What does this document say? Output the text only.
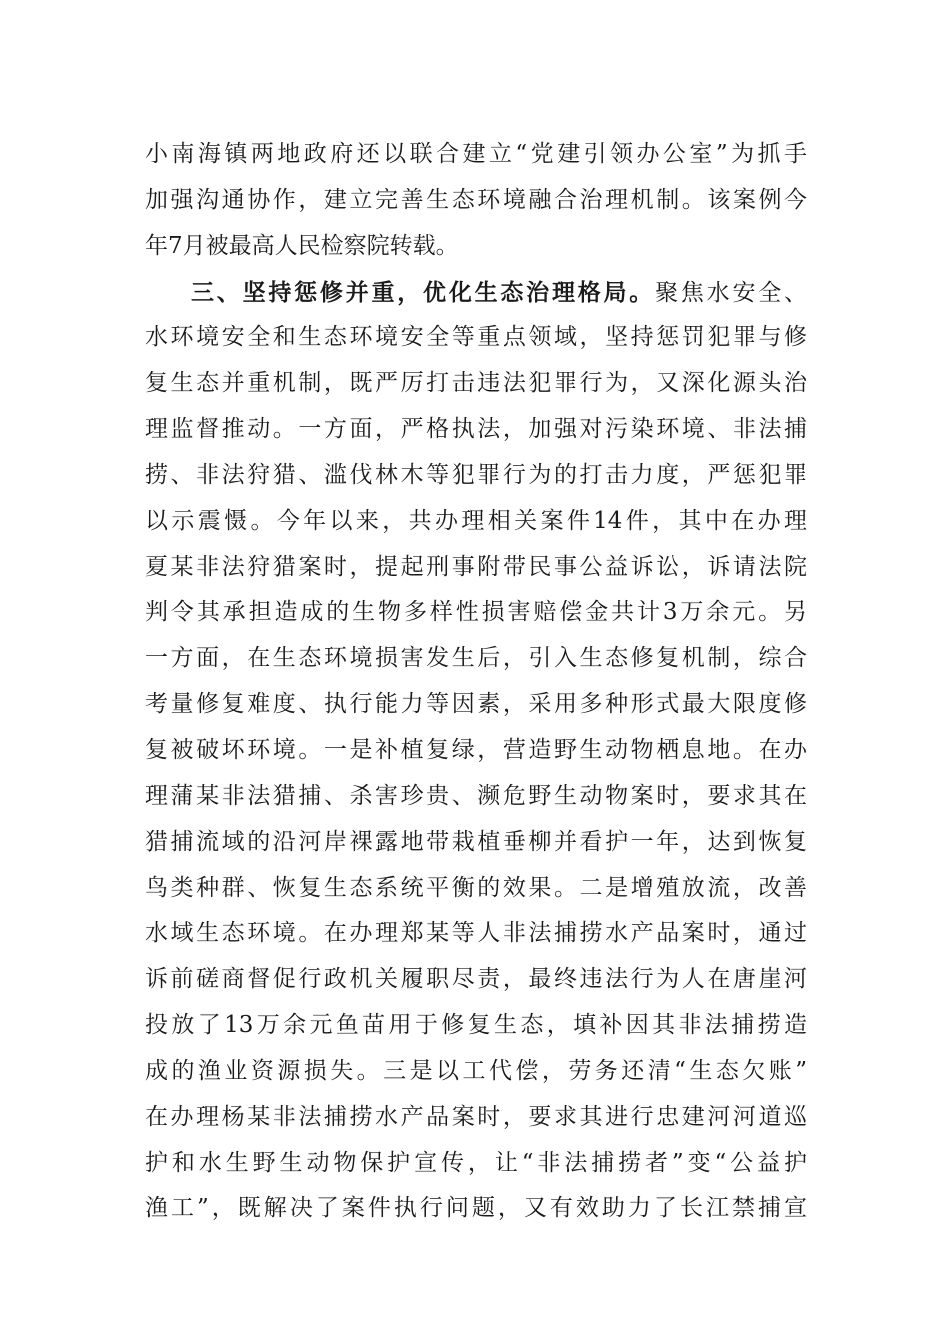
小南海镇两地政府还以联合建立“党建引领办公室”为抓手
加强沟通协作，建立完善生态环境融合治理机制。该案例今
年7月被最高人民检察院转载。
三、坚持惩修并重，优化生态治理格局。聚焦水安全、
水环境安全和生态环境安全等重点领域，坚持惩罚犯罪与修
复生态并重机制，既严厉打击违法犯罪行为，又深化源头治
理监督推动。一方面，严格执法，加强对污染环境、非法捕
捞、非法狩猎、滥伐林木等犯罪行为的打击力度，严惩犯罪
以示震慑。今年以来，共办理相关案件14件，其中在办理
夏某非法狩猎案时，提起刑事附带民事公益诉讼，诉请法院
判令其承担造成的生物多样性损害赔偿金共计3万余元。另
一方面，在生态环境损害发生后，引入生态修复机制，综合
考量修复难度、执行能力等因素，采用多种形式最大限度修
复被破坏环境。一是补植复绿，营造野生动物栖息地。在办
理蒲某非法猎捕、杀害珍贵、濒危野生动物案时，要求其在
猎捕流域的沿河岸裸露地带栽植垂柳并看护一年，达到恢复
鸟类种群、恢复生态系统平衡的效果。二是增殖放流，改善
水域生态环境。在办理郑某等人非法捕捞水产品案时，通过
诉前磋商督促行政机关履职尽责，最终违法行为人在唐崖河
投放了13万余元鱼苗用于修复生态，填补因其非法捕捞造
成的渔业资源损失。三是以工代偿，劳务还清“生态欠账”
在办理杨某非法捕捞水产品案时，要求其进行忠建河河道巡
护和水生野生动物保护宣传，让“非法捕捞者”变“公益护
渔工”，既解决了案件执行问题，又有效助力了长江禁捕宣
